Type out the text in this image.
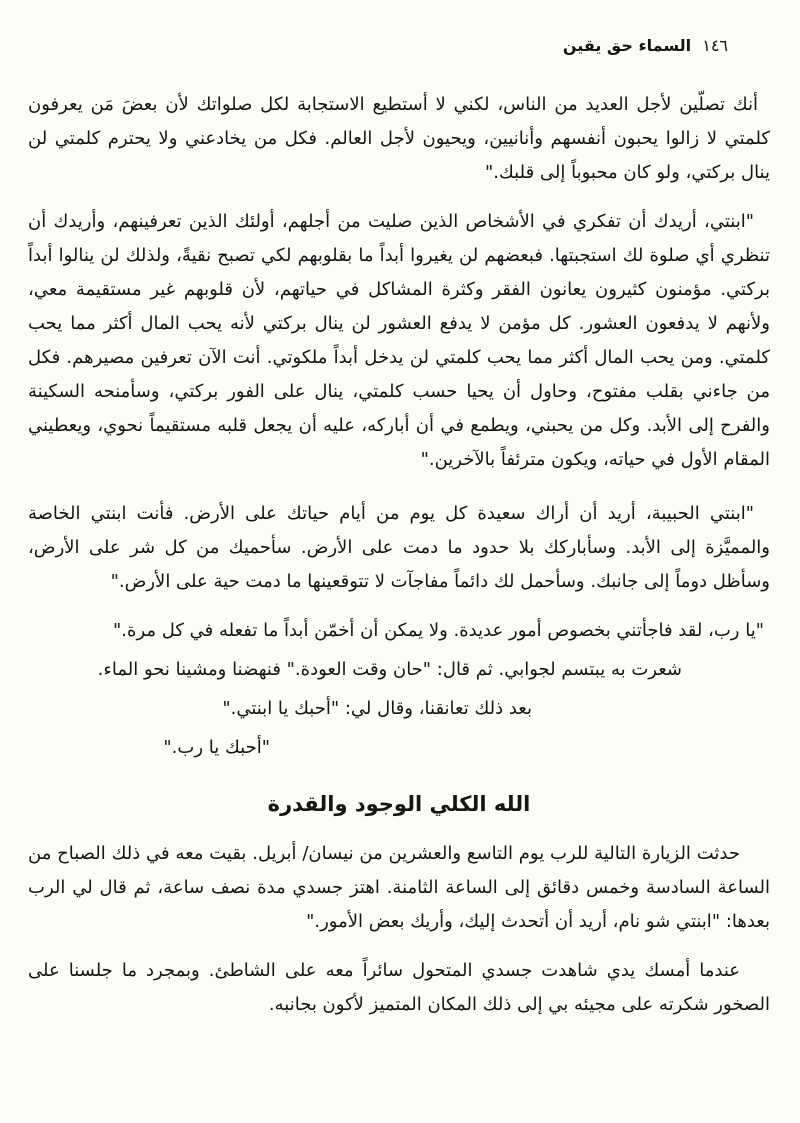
١٤٦ السماء حق يقين

أنك تصلّين لأجل العديد من الناس، لكني لا أستطيع الاستجابة لكل صلواتك لأن بعضَ مَن يعرفون كلمتي لا زالوا يحبون أنفسهم وأنانيين، ويحيون لأجل العالم. فكل من يخادعني ولا يحترم كلمتي لن ينال بركتي، ولو كان محبوباً إلى قلبك."

"ابنتي، أريدك أن تفكري في الأشخاص الذين صليت من أجلهم، أولئك الذين تعرفينهم، وأريدك أن تنظري أي صلوة لك استجبتها. فبعضهم لن يغيروا أبداً ما بقلوبهم لكي تصبح نقيةً، ولذلك لن ينالوا أبداً بركتي. مؤمنون كثيرون يعانون الفقر وكثرة المشاكل في حياتهم، لأن قلوبهم غير مستقيمة معي، ولأنهم لا يدفعون العشور. كل مؤمن لا يدفع العشور لن ينال بركتي لأنه يحب المال أكثر مما يحب كلمتي. ومن يحب المال أكثر مما يحب كلمتي لن يدخل أبداً ملكوتي. أنت الآن تعرفين مصيرهم. فكل من جاءني بقلب مفتوح، وحاول أن يحيا حسب كلمتي، ينال على الفور بركتي، وسأمنحه السكينة والفرح إلى الأبد. وكل من يحبني، ويطمع في أن أباركه، عليه أن يجعل قلبه مستقيماً نحوي، ويعطيني المقام الأول في حياته، ويكون مترئفاً بالآخرين."

"ابنتي الحبيبة، أريد أن أراك سعيدة كل يوم من أيام حياتك على الأرض. فأنت ابنتي الخاصة والمميَّزة إلى الأبد. وسأباركك بلا حدود ما دمت على الأرض. سأحميك من كل شر على الأرض، وسأظل دوماً إلى جانبك. وسأحمل لك دائماً مفاجآت لا تتوقعينها ما دمت حية على الأرض."

"يا رب، لقد فاجأتني بخصوص أمور عديدة. ولا يمكن أن أخمّن أبداً ما تفعله في كل مرة."

شعرت به يبتسم لجوابي. ثم قال: "حان وقت العودة." فنهضنا ومشينا نحو الماء.

بعد ذلك تعانقنا، وقال لي: "أحبك يا ابنتي."

"أحبك يا رب."

الله الكلي الوجود والقدرة

حدثت الزيارة التالية للرب يوم التاسع والعشرين من نيسان/ أبريل. بقيت معه في ذلك الصباح من الساعة السادسة وخمس دقائق إلى الساعة الثامنة. اهتز جسدي مدة نصف ساعة، ثم قال لي الرب بعدها: "ابنتي شو نام، أريد أن أتحدث إليك، وأريك بعض الأمور."

عندما أمسك يدي شاهدت جسدي المتحول سائراً معه على الشاطئ. وبمجرد ما جلسنا على الصخور شكرته على مجيئه بي إلى ذلك المكان المتميز لأكون بجانبه.
